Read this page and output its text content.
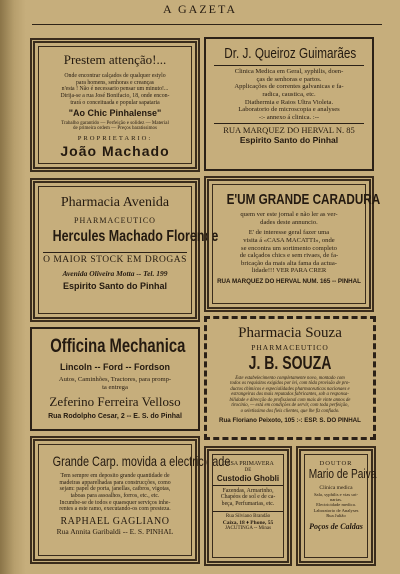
A GAZETA
Prestem attenção!...
Onde encontrar calçados de qualquer estylo
para homens, senhoras e creanças
n'esta ! Não é necessario pensar um minuto!...
Dirija-se a rua José Bonifacio, 18, onde encon-
trará o conceituada e popular sapataria
"Ao Chic Pinhalense"
Trabalho garantido — Perfeição e solidez — Material
de primeira ordem — Preços baratissimos
PROPRIETARIO:
João Machado
Dr. J. Queiroz Guimarães
Clinica Medica em Geral, syphilis, doen-
ças de senhoras e partos.
Applicações de correntes galvanicas e fa-
radica, caustica, etc.
Diathermia e Raios Ultra Violeta.
Laboratorio de microscopia e analyses
-:- annexo á clinica. :--
RUA MARQUEZ DO HERVAL N. 85
Espirito Santo do Pinhal
Pharmacia Avenida
PHARMACEUTICO
Hercules Machado Florence
O MAIOR STOCK EM DROGAS
Avenida Oliveira Motta -- Tel. 199
Espirito Santo do Pinhal
E'UM GRANDE CARADURA
quem ver este jornal e não ler as ver-
dades deste annuncio.
E' de interesse geral fazer uma
visita á «CASA MACATTI», onde
se encontra um sortimento completo
de calçados chics e sem rivaes, de fa-
bricação da mais alta fama da actua-
lidade!!! VER PARA CRER
RUA MARQUEZ DO HERVAL NUM. 165 -- PINHAL
Officina Mechanica
Lincoln -- Ford -- Fordson
Autos, Caminhões, Tractores, para promp-
ta entrega
Zeferino Ferreira Velloso
Rua Rodolpho Cesar, 2 -- E. S. do Pinhal
Pharmacia Souza
PHARMACEUTICO
J. B. SOUZA
Este estabelecimento completamente novo, montado com
todos os requisitos exigidos por lei, com tôda provisão de pro-
ductos chimicos e especialidades pharmaceuticas nacionaes e
estrangeiras dos mais reputados fabricantes, sob a responsa-
bilidade e direcção do profissional com mais de vinte annos de
tirocinio, — está em condições de servir, com toda perfeição,
o seletissimo dos fieis clientes, que lhe fiz confiado.
Rua Floriano Peixoto, 105 :-: ESP. S. DO PINHAL
Grande Carp. movida a electricidade
Tem sempre em deposito grande quantidade de
madeiras apparelhadas para construcções, como
sejam: papel de porta, janellas, caibros, vigotas,
taboas para assoalhos, forros, etc., etc.
Incumbe-se de todos e quaesquer serviços inhe-
rentes a este ramo, executando-os com presteza.
RAPHAEL GAGLIANO
Rua Annita Garibaldi -- E. S. PINHAL
CASA PRIMAVERA
DE
Custodio Ghobli
Fazendas, Armarinho,
Chapéos de sol e de ca-
beça, Perfumarias, etc.
Rua Silviano Brandão
Caixa, 18 ♦ Phone, 55
JACUTINGA -- Minas
DOUTOR
Mario de Paiva
Clinica medica
Sala, syphilis e vias uri-
narias.
Electricidade medica.
Laboratorio de Analyses
Rua Julião
Poços de Caldas
